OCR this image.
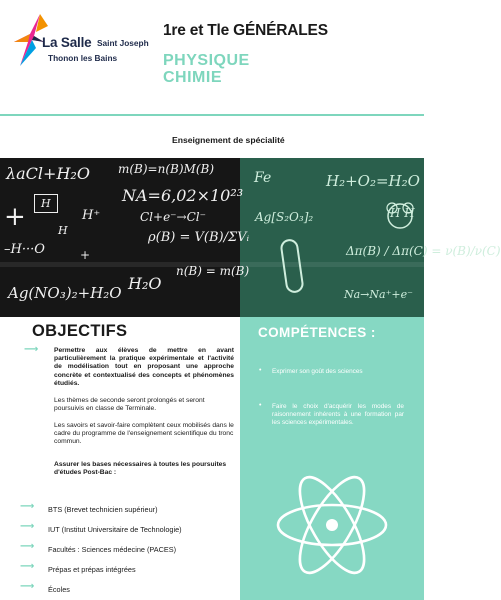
La Salle Saint Joseph
Thonon les Bains
1re et Tle GÉNÉRALES
PHYSIQUE
CHIMIE
Enseignement de spécialité
λaCl+H₂O m(B)=n(B)M(B)
NA=6,02×10²³
Cl+e⁻→Cl⁻
ρ(B) = V(B)/ΣVᵢ
+	H
–H···O
H
H⁺
Ag(NO₃)₂+H₂O H₂O
n(B) = m(B)
+
Fe	H₂+O₂=H₂O
Ag[S₂O₃]₂
Δπ(B) / Δπ(C) = ν(B)/ν(C)
Na→Na⁺+e⁻
H H
OBJECTIFS
⟶ Permettre aux élèves de mettre en avant particulièrement la pratique expérimentale et l'activité de modélisation tout en proposant une approche concrète et contextualisé des concepts et phénomènes étudiés.
Les thèmes de seconde seront prolongés et seront poursuivis en classe de Terminale.
Les savoirs et savoir-faire complètent ceux mobilisés dans le cadre du programme de l'enseignement scientifique du tronc commun.
Assurer les bases nécessaires à toutes les poursuites d'études Post-Bac :
⟶ BTS (Brevet technicien supérieur)
⟶ IUT (Institut Universitaire de Technologie)
⟶ Facultés : Sciences médecine (PACES)
⟶ Prépas et prépas intégrées
⟶ Écoles
COMPÉTENCES :
• Exprimer son goût des sciences
• Faire le choix d'acquérir les modes de raisonnement inhérents à une formation par les sciences expérimentales.
